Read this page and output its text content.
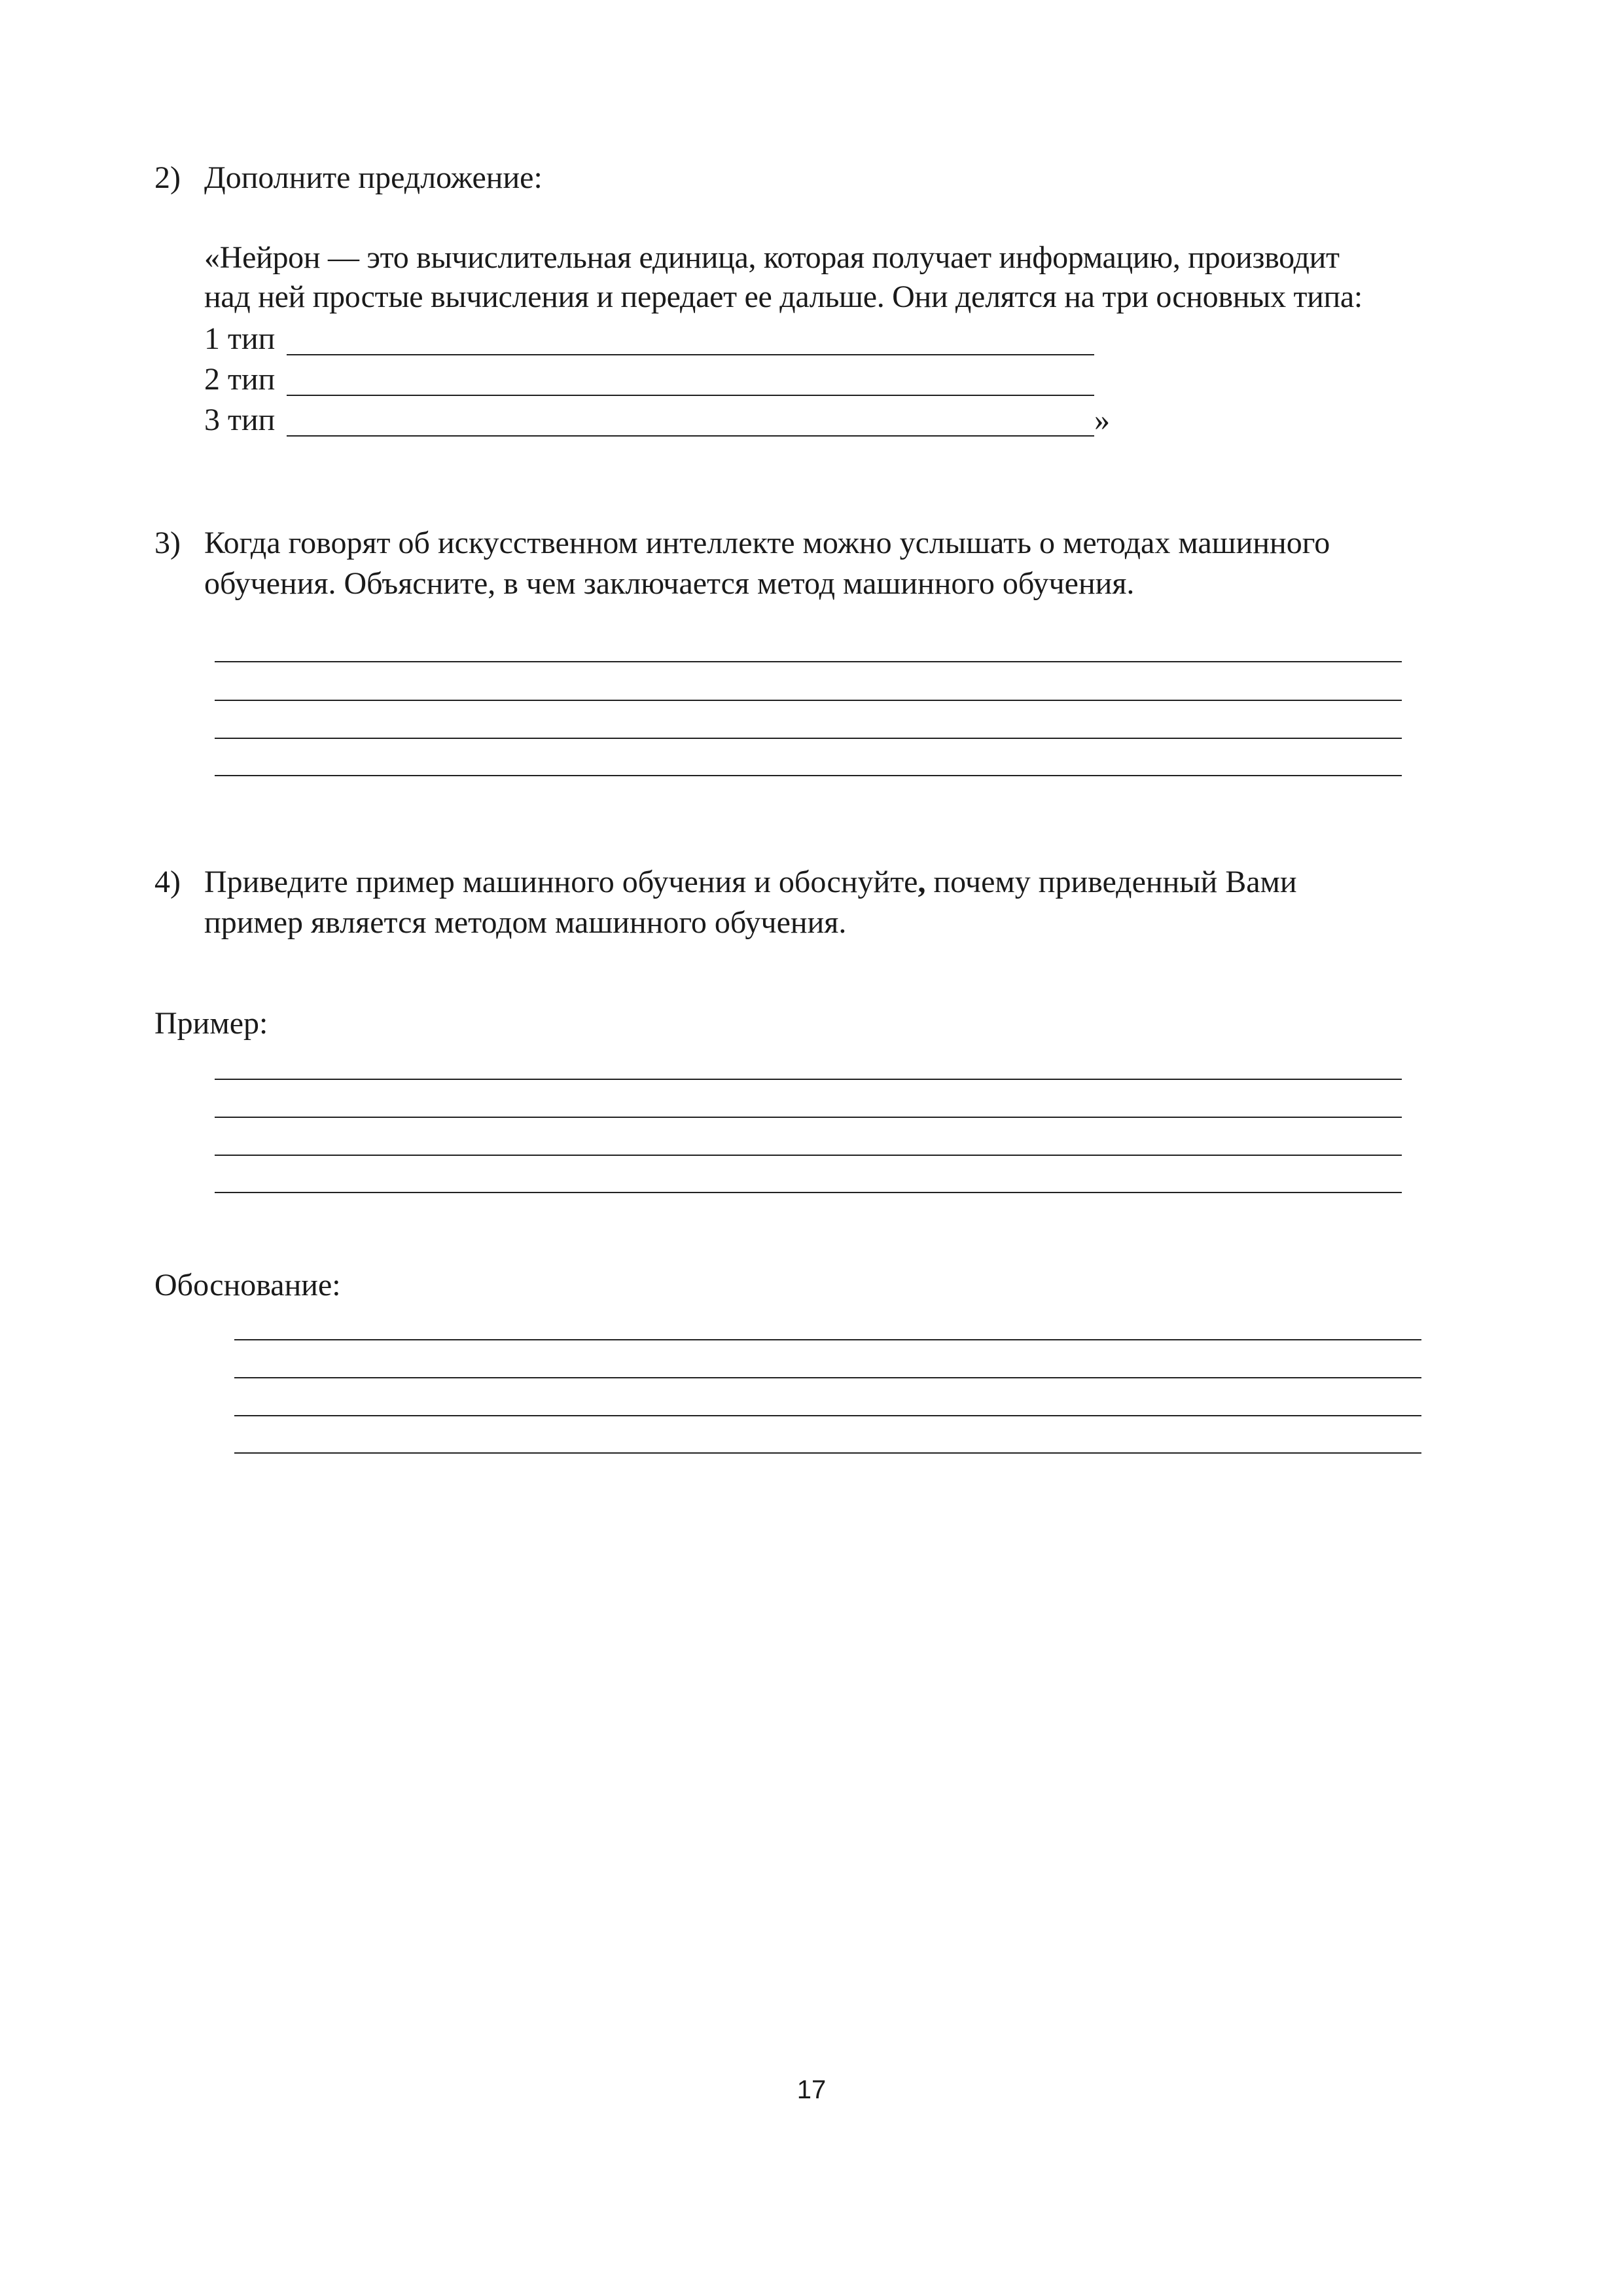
2) Дополните предложение:
«Нейрон — это вычислительная единица, которая получает информацию, производит
над ней простые вычисления и передает ее дальше. Они делятся на три основных типа:
1 тип
2 тип
3 тип	»
3) Когда говорят об искусственном интеллекте можно услышать о методах машинного
обучения. Объясните, в чем заключается метод машинного обучения.
4) Приведите пример машинного обучения и обоснуйте, почему приведенный Вами
пример является методом машинного обучения.
Пример:
Обоснование:
17
